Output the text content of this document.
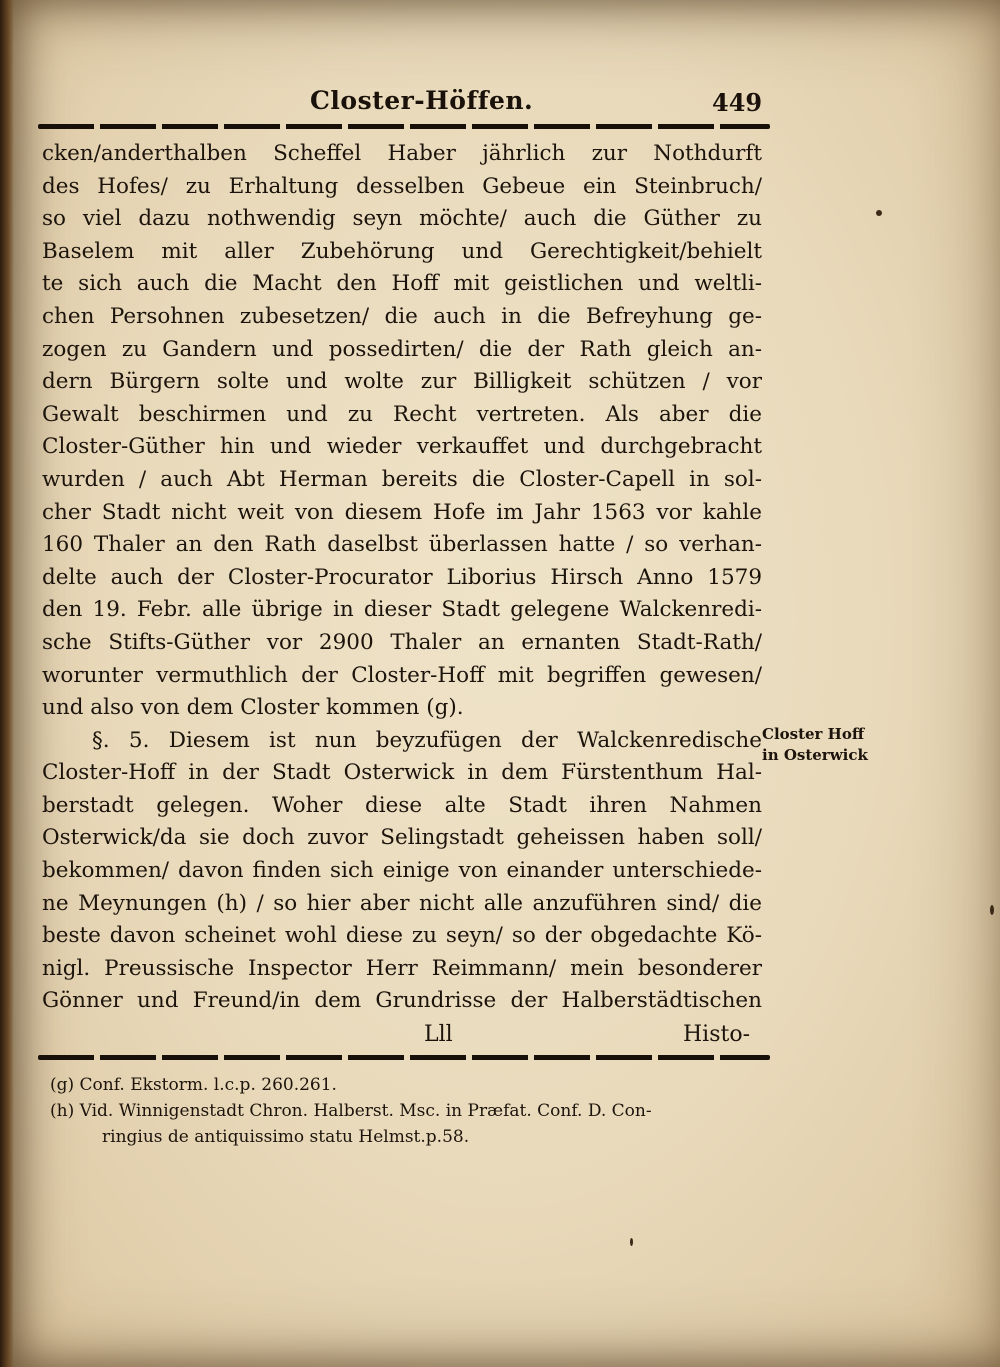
Closter-Höffen.	449
cken/anderthalben Scheffel Haber jährlich zur Nothdurft
des Hofes/ zu Erhaltung desselben Gebeue ein Steinbruch/
so viel dazu nothwendig seyn möchte/ auch die Güther zu
Baselem mit aller Zubehörung und Gerechtigkeit/behielt
te sich auch die Macht den Hoff mit geistlichen und weltli-
chen Persohnen zubesetzen/ die auch in die Befreyhung ge-
zogen zu Gandern und possedirten/ die der Rath gleich an-
dern Bürgern solte und wolte zur Billigkeit schützen / vor
Gewalt beschirmen und zu Recht vertreten. Als aber die
Closter-Güther hin und wieder verkauffet und durchgebracht
wurden / auch Abt Herman bereits die Closter-Capell in sol-
cher Stadt nicht weit von diesem Hofe im Jahr 1563 vor kahle
160 Thaler an den Rath daselbst überlassen hatte / so verhan-
delte auch der Closter-Procurator Liborius Hirsch Anno 1579
den 19. Febr. alle übrige in dieser Stadt gelegene Walckenredi-
sche Stifts-Güther vor 2900 Thaler an ernanten Stadt-Rath/
worunter vermuthlich der Closter-Hoff mit begriffen gewesen/
und also von dem Closter kommen (g).
§. 5. Diesem ist nun beyzufügen der Walckenredische
Closter-Hoff in der Stadt Osterwick in dem Fürstenthum Hal-
berstadt gelegen. Woher diese alte Stadt ihren Nahmen
Osterwick/da sie doch zuvor Selingstadt geheissen haben soll/
bekommen/ davon finden sich einige von einander unterschiede-
ne Meynungen (h) / so hier aber nicht alle anzuführen sind/ die
beste davon scheinet wohl diese zu seyn/ so der obgedachte Kö-
nigl. Preussische Inspector Herr Reimmann/ mein besonderer
Gönner und Freund/in dem Grundrisse der Halberstädtischen
Closter Hoff
in Osterwick
Lll	Histo-
(g) Conf. Ekstorm. l.c.p. 260.261.
(h) Vid. Winnigenstadt Chron. Halberst. Msc. in Præfat. Conf. D. Con-
ringius de antiquissimo statu Helmst.p.58.
